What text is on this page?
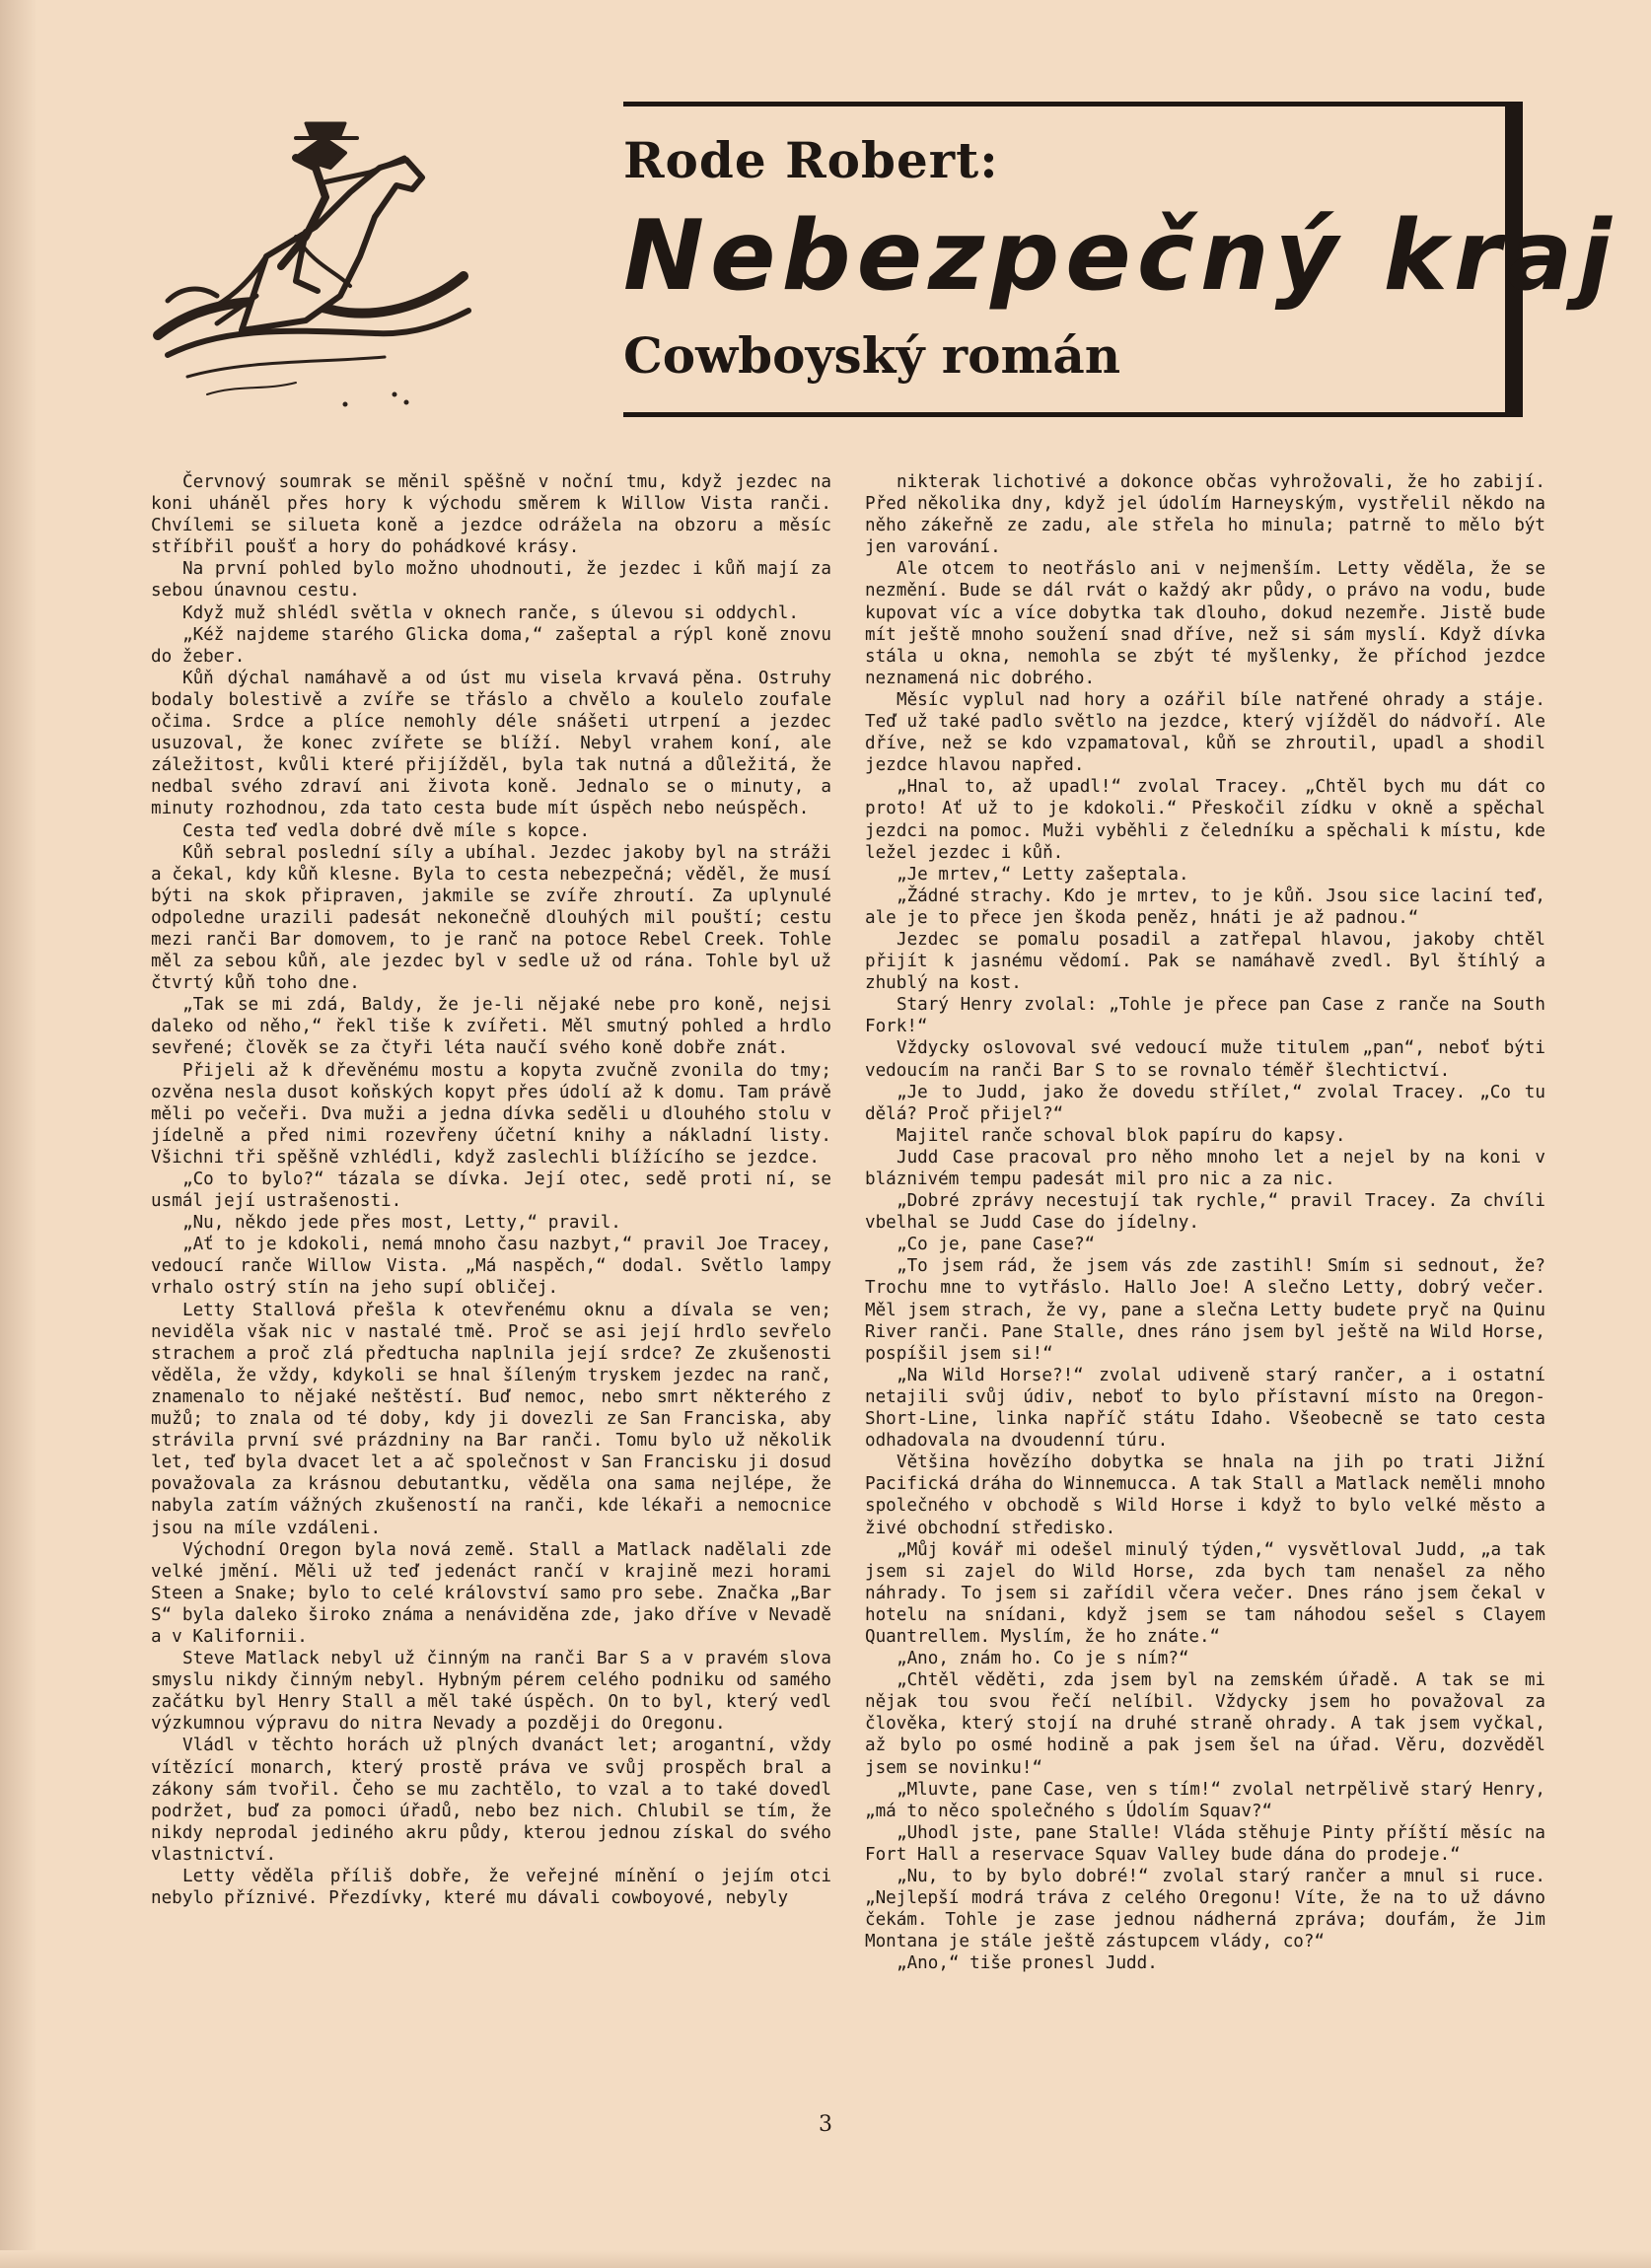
Rode Robert:
Nebezpečný kraj
Cowboyský román

Červnový soumrak se měnil spěšně v noční tmu, když jezdec na koni uháněl přes hory k východu směrem k Willow Vista ranči. Chvílemi se silueta koně a jezdce odrážela na obzoru a měsíc stříbřil poušť a hory do pohádkové krásy.

Na první pohled bylo možno uhodnouti, že jezdec i kůň mají za sebou únavnou cestu.

Když muž shlédl světla v oknech ranče, s úlevou si oddychl.

„Kéž najdeme starého Glicka doma,“ zašeptal a rýpl koně znovu do žeber.

Kůň dýchal namáhavě a od úst mu visela krvavá pěna. Ostruhy bodaly bolestivě a zvíře se třáslo a chvělo a koulelo zoufale očima. Srdce a plíce nemohly déle snášeti utrpení a jezdec usuzoval, že konec zvířete se blíží. Nebyl vrahem koní, ale záležitost, kvůli které přijížděl, byla tak nutná a důležitá, že nedbal svého zdraví ani života koně. Jednalo se o minuty, a minuty rozhodnou, zda tato cesta bude mít úspěch nebo neúspěch.

Cesta teď vedla dobré dvě míle s kopce.

Kůň sebral poslední síly a ubíhal. Jezdec jakoby byl na stráži a čekal, kdy kůň klesne. Byla to cesta nebezpečná; věděl, že musí býti na skok připraven, jakmile se zvíře zhroutí. Za uplynulé odpoledne urazili padesát nekonečně dlouhých mil pouští; cestu mezi ranči Bar domovem, to je ranč na potoce Rebel Creek. Tohle měl za sebou kůň, ale jezdec byl v sedle už od rána. Tohle byl už čtvrtý kůň toho dne.

„Tak se mi zdá, Baldy, že je-li nějaké nebe pro koně, nejsi daleko od něho,“ řekl tiše k zvířeti. Měl smutný pohled a hrdlo sevřené; člověk se za čtyři léta naučí svého koně dobře znát.

Přijeli až k dřevěnému mostu a kopyta zvučně zvonila do tmy; ozvěna nesla dusot koňských kopyt přes údolí až k domu. Tam právě měli po večeři. Dva muži a jedna dívka seděli u dlouhého stolu v jídelně a před nimi rozevřeny účetní knihy a nákladní listy. Všichni tři spěšně vzhlédli, když zaslechli blížícího se jezdce.

„Co to bylo?“ tázala se dívka. Její otec, sedě proti ní, se usmál její ustrašenosti.

„Nu, někdo jede přes most, Letty,“ pravil.

„Ať to je kdokoli, nemá mnoho času nazbyt,“ pravil Joe Tracey, vedoucí ranče Willow Vista. „Má naspěch,“ dodal. Světlo lampy vrhalo ostrý stín na jeho supí obličej.

Letty Stallová přešla k otevřenému oknu a dívala se ven; neviděla však nic v nastalé tmě. Proč se asi její hrdlo sevřelo strachem a proč zlá předtucha naplnila její srdce? Ze zkušenosti věděla, že vždy, kdykoli se hnal šíleným tryskem jezdec na ranč, znamenalo to nějaké neštěstí. Buď nemoc, nebo smrt některého z mužů; to znala od té doby, kdy ji dovezli ze San Franciska, aby strávila první své prázdniny na Bar ranči. Tomu bylo už několik let, teď byla dvacet let a ač společnost v San Francisku ji dosud považovala za krásnou debutantku, věděla ona sama nejlépe, že nabyla zatím vážných zkušeností na ranči, kde lékaři a nemocnice jsou na míle vzdáleni.

Východní Oregon byla nová země. Stall a Matlack nadělali zde velké jmění. Měli už teď jedenáct rančí v krajině mezi horami Steen a Snake; bylo to celé království samo pro sebe. Značka „Bar S“ byla daleko široko známa a nenáviděna zde, jako dříve v Nevadě a v Kalifornii.

Steve Matlack nebyl už činným na ranči Bar S a v pravém slova smyslu nikdy činným nebyl. Hybným pérem celého podniku od samého začátku byl Henry Stall a měl také úspěch. On to byl, který vedl výzkumnou výpravu do nitra Nevady a později do Oregonu.

Vládl v těchto horách už plných dvanáct let; arogantní, vždy vítězící monarch, který prostě práva ve svůj prospěch bral a zákony sám tvořil. Čeho se mu zachtělo, to vzal a to také dovedl podržet, buď za pomoci úřadů, nebo bez nich. Chlubil se tím, že nikdy neprodal jediného akru půdy, kterou jednou získal do svého vlastnictví.

Letty věděla příliš dobře, že veřejné mínění o jejím otci nebylo příznivé. Přezdívky, které mu dávali cowboyové, nebyly

nikterak lichotivé a dokonce občas vyhrožovali, že ho zabijí. Před několika dny, když jel údolím Harneyským, vystřelil někdo na něho zákeřně ze zadu, ale střela ho minula; patrně to mělo být jen varování.

Ale otcem to neotřáslo ani v nejmenším. Letty věděla, že se nezmění. Bude se dál rvát o každý akr půdy, o právo na vodu, bude kupovat víc a více dobytka tak dlouho, dokud nezemře. Jistě bude mít ještě mnoho soužení snad dříve, než si sám myslí. Když dívka stála u okna, nemohla se zbýt té myšlenky, že příchod jezdce neznamená nic dobrého.

Měsíc vyplul nad hory a ozářil bíle natřené ohrady a stáje. Teď už také padlo světlo na jezdce, který vjížděl do nádvoří. Ale dříve, než se kdo vzpamatoval, kůň se zhroutil, upadl a shodil jezdce hlavou napřed.

„Hnal to, až upadl!“ zvolal Tracey. „Chtěl bych mu dát co proto! Ať už to je kdokoli.“ Přeskočil zídku v okně a spěchal jezdci na pomoc. Muži vyběhli z čeledníku a spěchali k místu, kde ležel jezdec i kůň.

„Je mrtev,“ Letty zašeptala.

„Žádné strachy. Kdo je mrtev, to je kůň. Jsou sice laciní teď, ale je to přece jen škoda peněz, hnáti je až padnou.“

Jezdec se pomalu posadil a zatřepal hlavou, jakoby chtěl přijít k jasnému vědomí. Pak se namáhavě zvedl. Byl štíhlý a zhublý na kost.

Starý Henry zvolal: „Tohle je přece pan Case z ranče na South Fork!“

Vždycky oslovoval své vedoucí muže titulem „pan“, neboť býti vedoucím na ranči Bar S to se rovnalo téměř šlechtictví.

„Je to Judd, jako že dovedu střílet,“ zvolal Tracey. „Co tu dělá? Proč přijel?“

Majitel ranče schoval blok papíru do kapsy.

Judd Case pracoval pro něho mnoho let a nejel by na koni v bláznivém tempu padesát mil pro nic a za nic.

„Dobré zprávy necestují tak rychle,“ pravil Tracey. Za chvíli vbelhal se Judd Case do jídelny.

„Co je, pane Case?“

„To jsem rád, že jsem vás zde zastihl! Smím si sednout, že? Trochu mne to vytřáslo. Hallo Joe! A slečno Letty, dobrý večer. Měl jsem strach, že vy, pane a slečna Letty budete pryč na Quinu River ranči. Pane Stalle, dnes ráno jsem byl ještě na Wild Horse, pospíšil jsem si!“

„Na Wild Horse?!“ zvolal udiveně starý rančer, a i ostatní netajili svůj údiv, neboť to bylo přístavní místo na Oregon-Short-Line, linka napříč státu Idaho. Všeobecně se tato cesta odhadovala na dvoudenní túru.

Většina hovězího dobytka se hnala na jih po trati Jižní Pacifická dráha do Winnemucca. A tak Stall a Matlack neměli mnoho společného v obchodě s Wild Horse i když to bylo velké město a živé obchodní středisko.

„Můj kovář mi odešel minulý týden,“ vysvětloval Judd, „a tak jsem si zajel do Wild Horse, zda bych tam nenašel za něho náhrady. To jsem si zařídil včera večer. Dnes ráno jsem čekal v hotelu na snídani, když jsem se tam náhodou sešel s Clayem Quantrellem. Myslím, že ho znáte.“

„Ano, znám ho. Co je s ním?“

„Chtěl věděti, zda jsem byl na zemském úřadě. A tak se mi nějak tou svou řečí nelíbil. Vždycky jsem ho považoval za člověka, který stojí na druhé straně ohrady. A tak jsem vyčkal, až bylo po osmé hodině a pak jsem šel na úřad. Věru, dozvěděl jsem se novinku!“

„Mluvte, pane Case, ven s tím!“ zvolal netrpělivě starý Henry, „má to něco společného s Údolím Squav?“

„Uhodl jste, pane Stalle! Vláda stěhuje Pinty příští měsíc na Fort Hall a reservace Squav Valley bude dána do prodeje.“

„Nu, to by bylo dobré!“ zvolal starý rančer a mnul si ruce. „Nejlepší modrá tráva z celého Oregonu! Víte, že na to už dávno čekám. Tohle je zase jednou nádherná zpráva; doufám, že Jim Montana je stále ještě zástupcem vlády, co?“

„Ano,“ tiše pronesl Judd.

3
